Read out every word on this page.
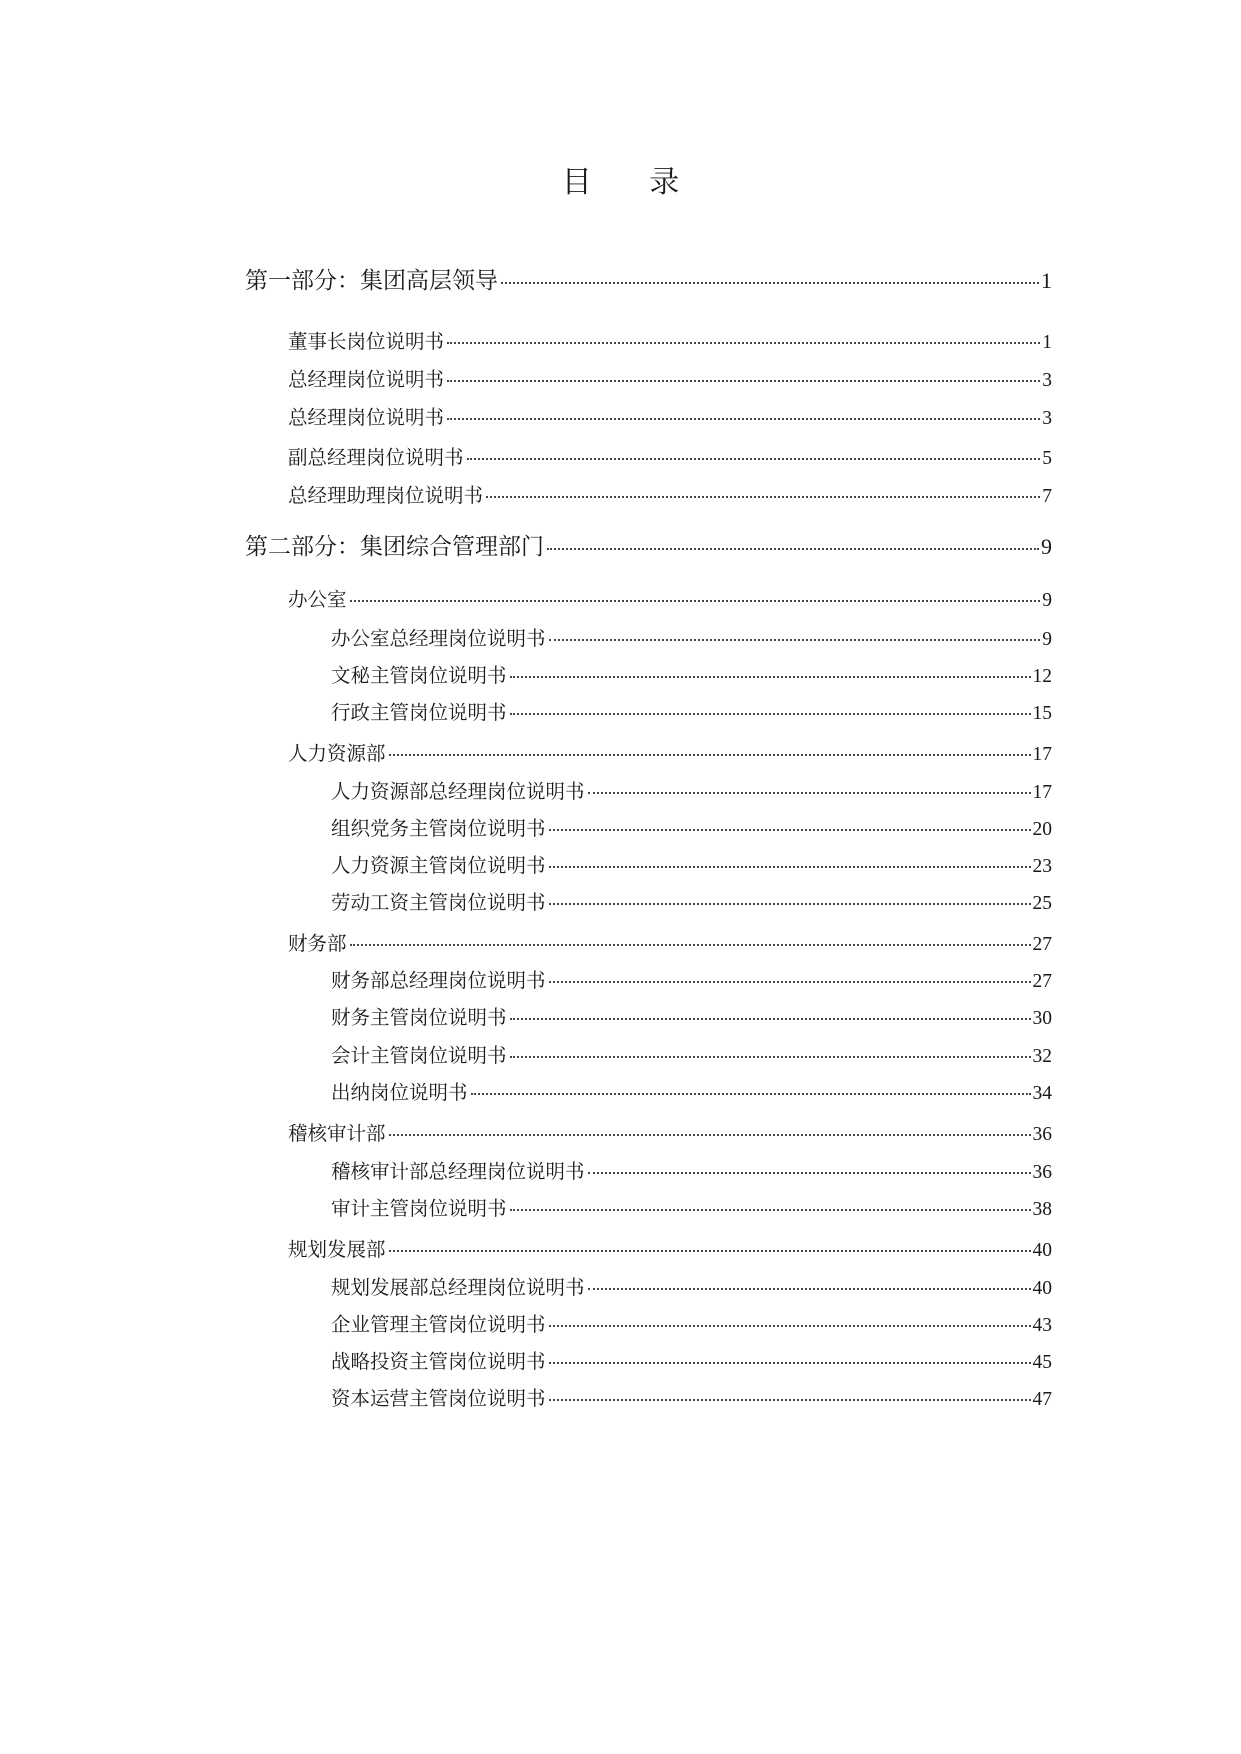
目 录
第一部分：集团高层领导	1
董事长岗位说明书	1
总经理岗位说明书	3
总经理岗位说明书	3
副总经理岗位说明书	5
总经理助理岗位说明书	7
第二部分：集团综合管理部门	9
办公室	9
办公室总经理岗位说明书	9
文秘主管岗位说明书	12
行政主管岗位说明书	15
人力资源部	17
人力资源部总经理岗位说明书	17
组织党务主管岗位说明书	20
人力资源主管岗位说明书	23
劳动工资主管岗位说明书	25
财务部	27
财务部总经理岗位说明书	27
财务主管岗位说明书	30
会计主管岗位说明书	32
出纳岗位说明书	34
稽核审计部	36
稽核审计部总经理岗位说明书	36
审计主管岗位说明书	38
规划发展部	40
规划发展部总经理岗位说明书	40
企业管理主管岗位说明书	43
战略投资主管岗位说明书	45
资本运营主管岗位说明书	47
